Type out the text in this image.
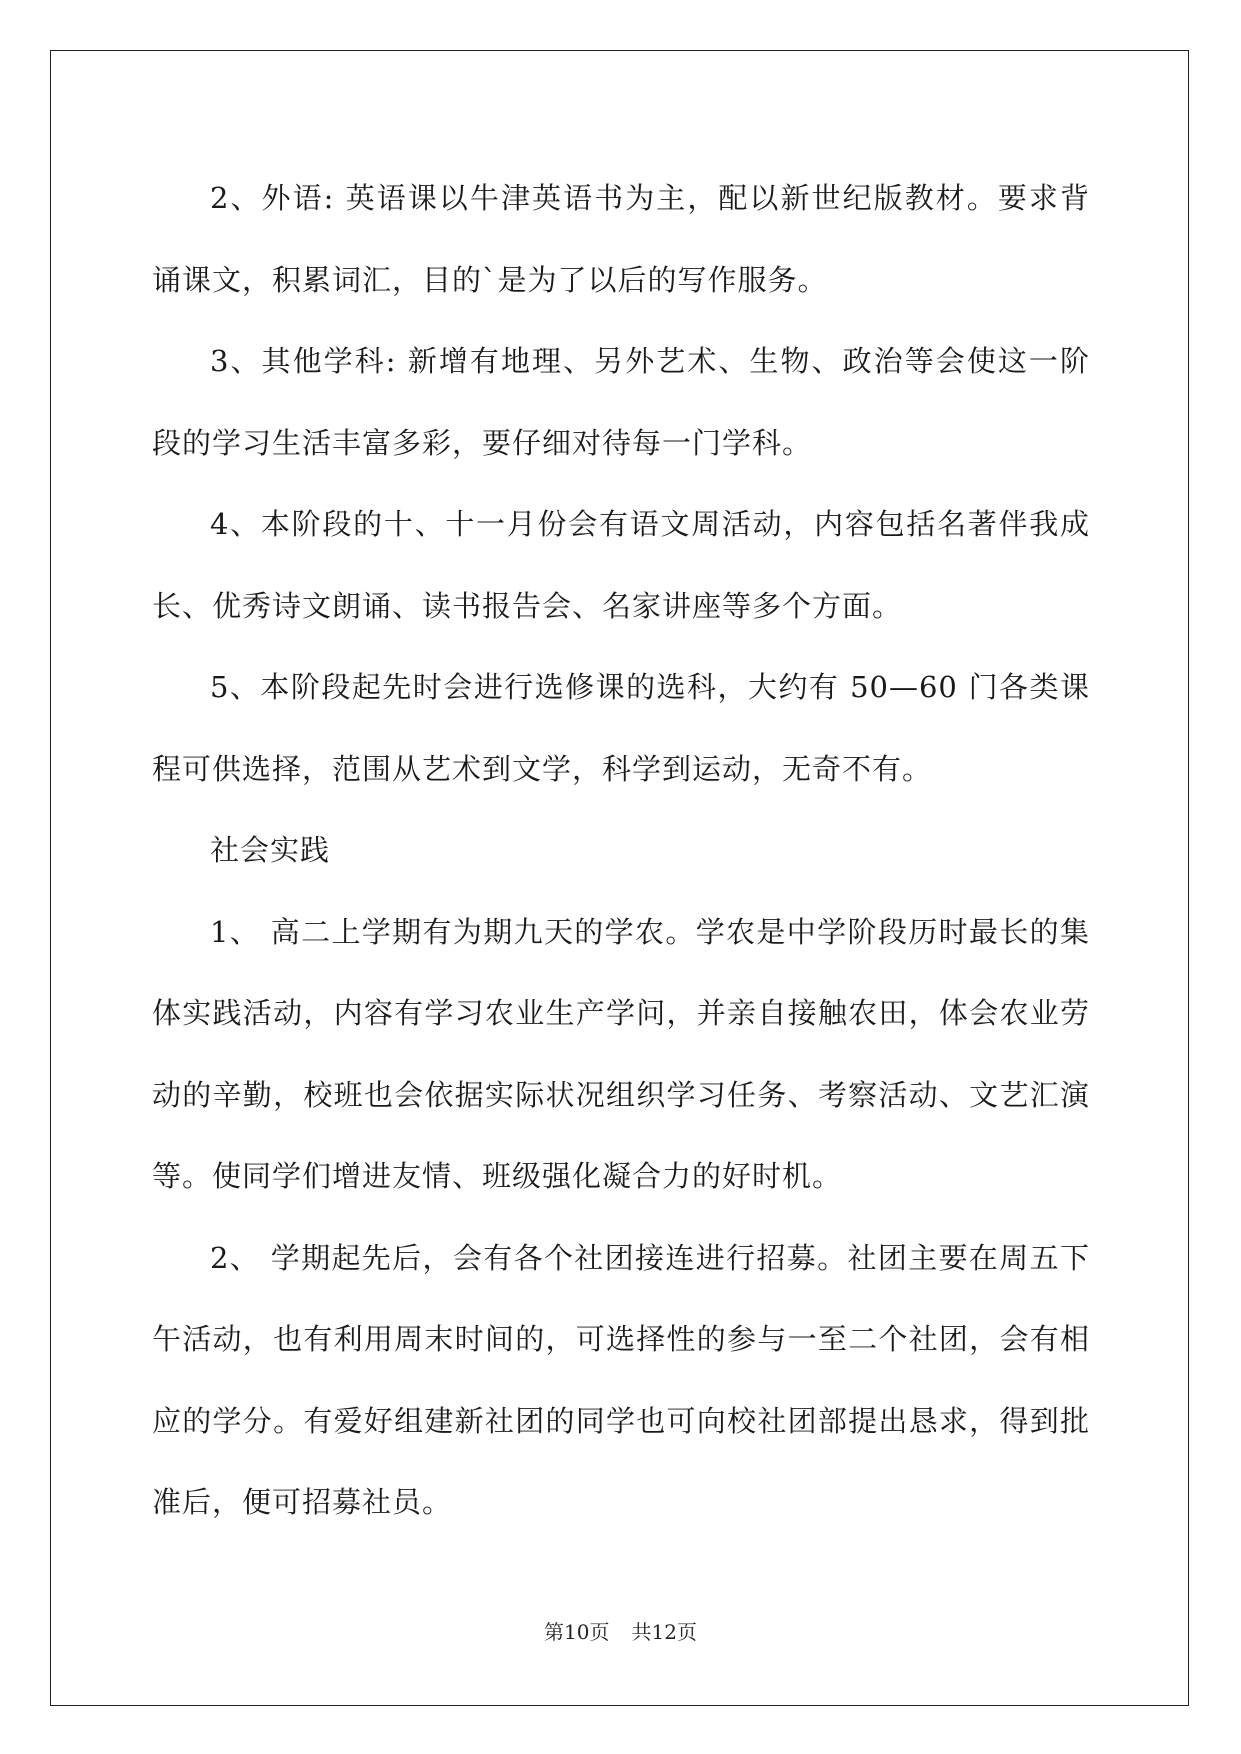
2、外语: 英语课以牛津英语书为主，配以新世纪版教材。要求背诵课文，积累词汇，目的`是为了以后的写作服务。

3、其他学科: 新增有地理、另外艺术、生物、政治等会使这一阶段的学习生活丰富多彩，要仔细对待每一门学科。

4、本阶段的十、十一月份会有语文周活动，内容包括名著伴我成长、优秀诗文朗诵、读书报告会、名家讲座等多个方面。

5、本阶段起先时会进行选修课的选科，大约有 50—60 门各类课程可供选择，范围从艺术到文学，科学到运动，无奇不有。

社会实践

1、 高二上学期有为期九天的学农。学农是中学阶段历时最长的集体实践活动，内容有学习农业生产学问，并亲自接触农田，体会农业劳动的辛勤，校班也会依据实际状况组织学习任务、考察活动、文艺汇演等。使同学们增进友情、班级强化凝合力的好时机。

2、 学期起先后，会有各个社团接连进行招募。社团主要在周五下午活动，也有利用周末时间的，可选择性的参与一至二个社团，会有相应的学分。有爱好组建新社团的同学也可向校社团部提出恳求，得到批准后，便可招募社员。

第10页 共12页
